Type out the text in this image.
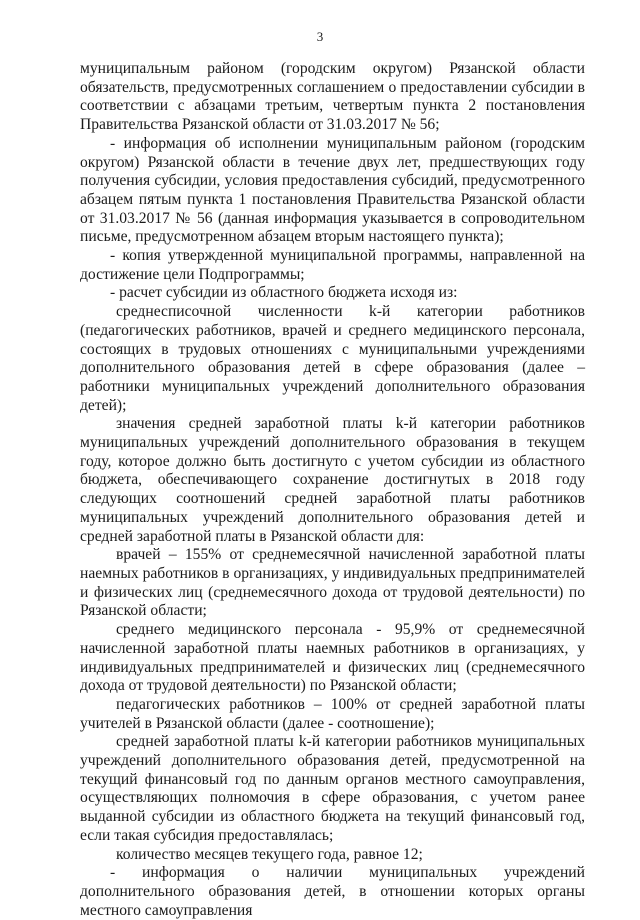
3

муниципальным районом (городским округом) Рязанской области обязательств, предусмотренных соглашением о предоставлении субсидии в соответствии с абзацами третьим, четвертым пункта 2 постановления Правительства Рязанской области от 31.03.2017 № 56;

- информация об исполнении муниципальным районом (городским округом) Рязанской области в течение двух лет, предшествующих году получения субсидии, условия предоставления субсидий, предусмотренного абзацем пятым пункта 1 постановления Правительства Рязанской области от 31.03.2017 № 56 (данная информация указывается в сопроводительном письме, предусмотренном абзацем вторым настоящего пункта);

- копия утвержденной муниципальной программы, направленной на достижение цели Подпрограммы;

- расчет субсидии из областного бюджета исходя из:

среднесписочной численности k-й категории работников (педагогических работников, врачей и среднего медицинского персонала, состоящих в трудовых отношениях с муниципальными учреждениями дополнительного образования детей в сфере образования (далее – работники муниципальных учреждений дополнительного образования детей);

значения средней заработной платы k-й категории работников муниципальных учреждений дополнительного образования в текущем году, которое должно быть достигнуто с учетом субсидии из областного бюджета, обеспечивающего сохранение достигнутых в 2018 году следующих соотношений средней заработной платы работников муниципальных учреждений дополнительного образования детей и средней заработной платы в Рязанской области для:

врачей – 155% от среднемесячной начисленной заработной платы наемных работников в организациях, у индивидуальных предпринимателей и физических лиц (среднемесячного дохода от трудовой деятельности) по Рязанской области;

среднего медицинского персонала - 95,9% от среднемесячной начисленной заработной платы наемных работников в организациях, у индивидуальных предпринимателей и физических лиц (среднемесячного дохода от трудовой деятельности) по Рязанской области;

педагогических работников – 100% от средней заработной платы учителей в Рязанской области (далее - соотношение);

средней заработной платы k-й категории работников муниципальных учреждений дополнительного образования детей, предусмотренной на текущий финансовый год по данным органов местного самоуправления, осуществляющих полномочия в сфере образования, с учетом ранее выданной субсидии из областного бюджета на текущий финансовый год, если такая субсидия предоставлялась;

количество месяцев текущего года, равное 12;

- информация о наличии муниципальных учреждений дополнительного образования детей, в отношении которых органы местного самоуправления
